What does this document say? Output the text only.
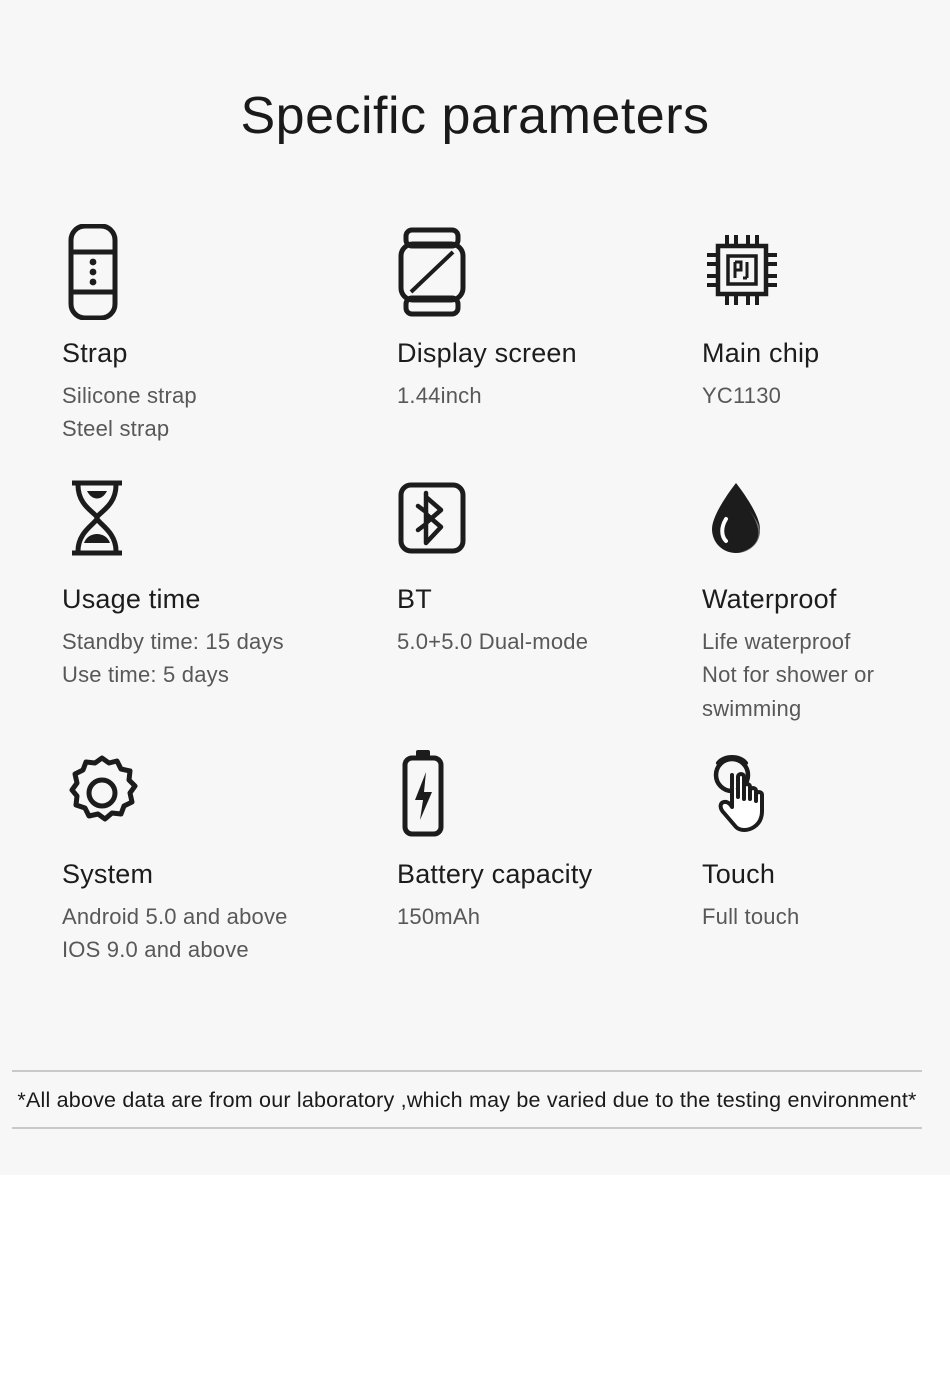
Specific parameters
Strap
Silicone strap
Steel strap
Display screen
1.44inch
Main chip
YC1130
Usage time
Standby time: 15 days
Use time: 5 days
BT
5.0+5.0 Dual-mode
Waterproof
Life waterproof
Not for shower or
swimming
System
Android 5.0 and above
IOS 9.0 and above
Battery capacity
150mAh
Touch
Full touch
*All above data are from our laboratory ,which may be varied due to the testing environment*
